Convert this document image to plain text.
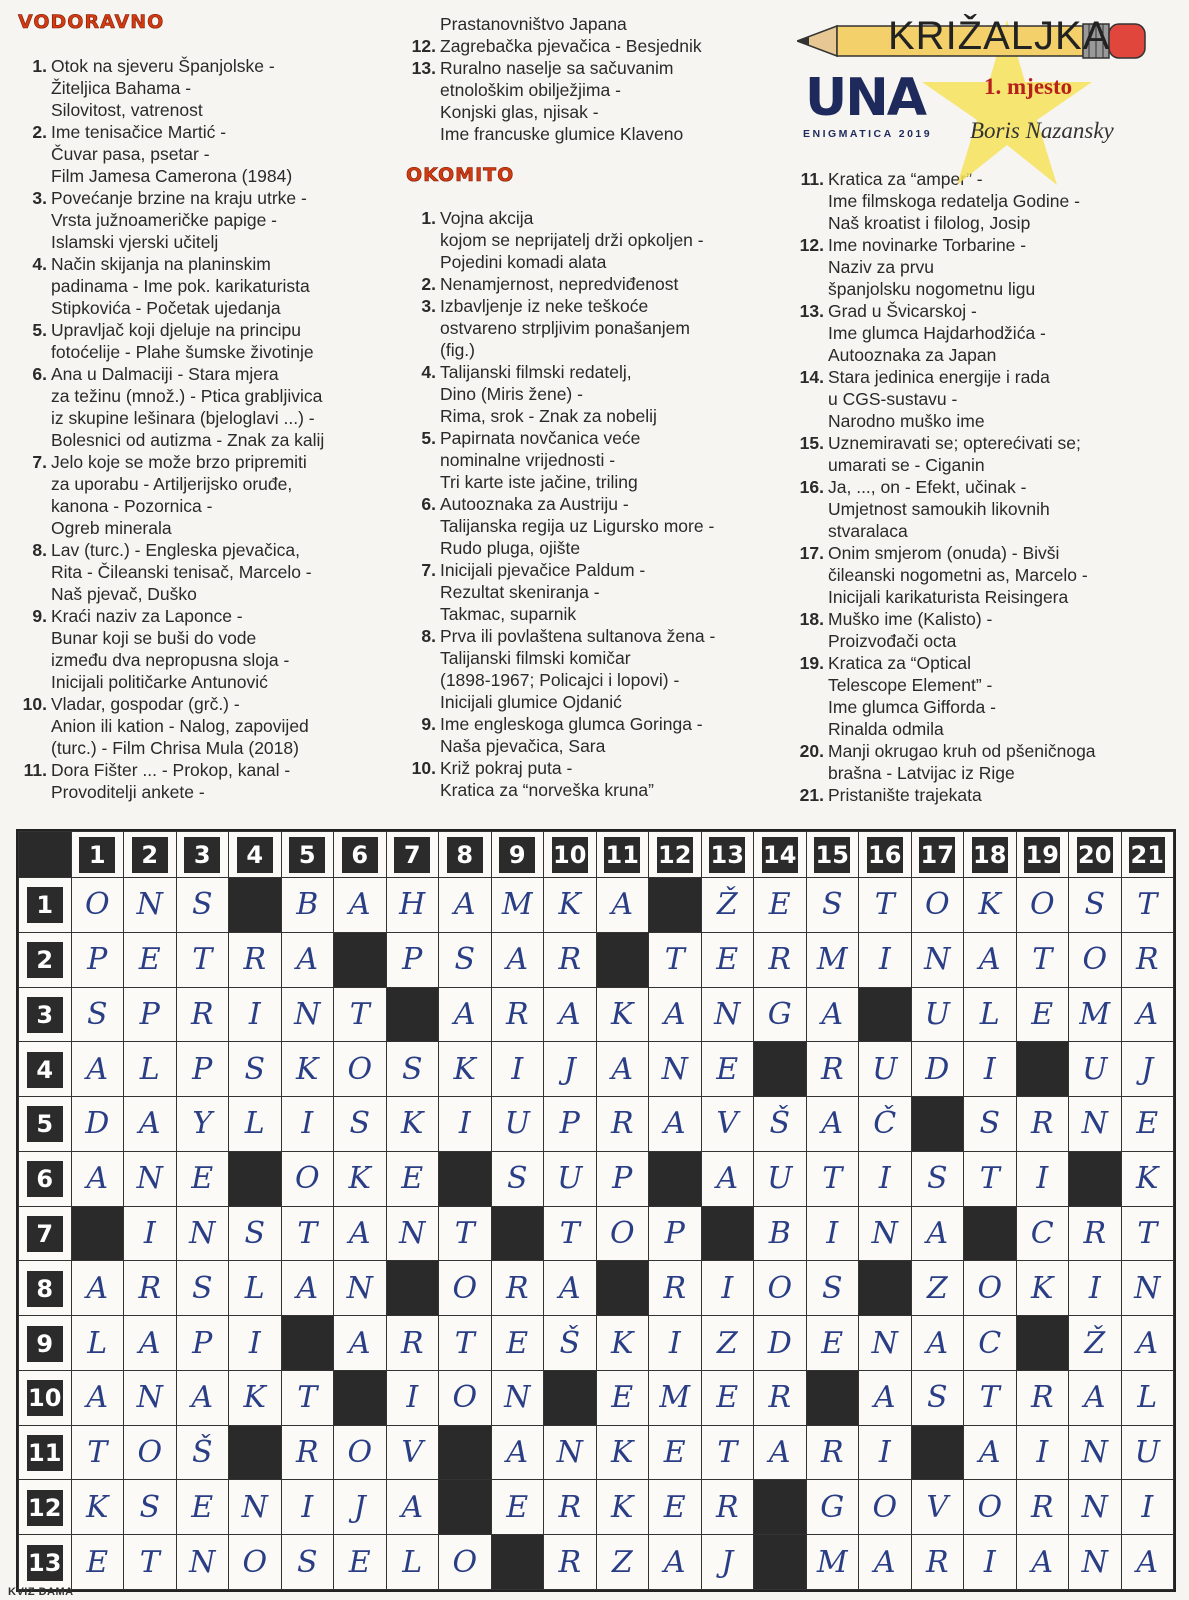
VODORAVNO
1. Otok na sjeveru Španjolske -
Žiteljica Bahama -
Silovitost, vatrenost
2. Ime tenisačice Martić -
Čuvar pasa, psetar -
Film Jamesa Camerona (1984)
3. Povećanje brzine na kraju utrke -
Vrsta južnoameričke papige -
Islamski vjerski učitelj
4. Način skijanja na planinskim
padinama - Ime pok. karikaturista
Stipkovića - Početak ujedanja
5. Upravljač koji djeluje na principu
fotoćelije - Plahe šumske životinje
6. Ana u Dalmaciji - Stara mjera
za težinu (množ.) - Ptica grabljivica
iz skupine lešinara (bjeloglavi ...) -
Bolesnici od autizma - Znak za kalij
7. Jelo koje se može brzo pripremiti
za uporabu - Artiljerijsko oruđe,
kanona - Pozornica -
Ogreb minerala
8. Lav (turc.) - Engleska pjevačica,
Rita - Čileanski tenisač, Marcelo -
Naš pjevač, Duško
9. Kraći naziv za Laponce -
Bunar koji se buši do vode
između dva nepropusna sloja -
Inicijali političarke Antunović
10. Vladar, gospodar (grč.) -
Anion ili kation - Nalog, zapovijed
(turc.) - Film Chrisa Mula (2018)
11. Dora Fišter ... - Prokop, kanal -
Provoditelji ankete -
Prastanovništvo Japana
12. Zagrebačka pjevačica - Besjednik
13. Ruralno naselje sa sačuvanim
etnološkim obilježjima -
Konjski glas, njisak -
Ime francuske glumice Klaveno
OKOMITO
1. Vojna akcija
kojom se neprijatelj drži opkoljen -
Pojedini komadi alata
2. Nenamjernost, nepredviđenost
3. Izbavljenje iz neke teškoće
ostvareno strpljivim ponašanjem
(fig.)
4. Talijanski filmski redatelj,
Dino (Miris žene) -
Rima, srok - Znak za nobelij
5. Papirnata novčanica veće
nominalne vrijednosti -
Tri karte iste jačine, triling
6. Autooznaka za Austriju -
Talijanska regija uz Ligursko more -
Rudo pluga, ojište
7. Inicijali pjevačice Paldum -
Rezultat skeniranja -
Takmac, suparnik
8. Prva ili povlaštena sultanova žena -
Talijanski filmski komičar
(1898-1967; Policajci i lopovi) -
Inicijali glumice Ojdanić
9. Ime engleskoga glumca Goringa -
Naša pjevačica, Sara
10. Križ pokraj puta -
Kratica za “norveška kruna”
11. Kratica za “amper” -
Ime filmskoga redatelja Godine -
Naš kroatist i filolog, Josip
12. Ime novinarke Torbarine -
Naziv za prvu
španjolsku nogometnu ligu
13. Grad u Švicarskoj -
Ime glumca Hajdarhodžića -
Autooznaka za Japan
14. Stara jedinica energije i rada
u CGS-sustavu -
Narodno muško ime
15. Uznemiravati se; opterećivati se;
umarati se - Ciganin
16. Ja, ..., on - Efekt, učinak -
Umjetnost samoukih likovnih
stvaralaca
17. Onim smjerom (onuda) - Bivši
čileanski nogometni as, Marcelo -
Inicijali karikaturista Reisingera
18. Muško ime (Kalisto) -
Proizvođači octa
19. Kratica za “Optical
Telescope Element” -
Ime glumca Gifforda -
Rinalda odmila
20. Manji okrugao kruh od pšeničnoga
brašna - Latvijac iz Rige
21. Pristanište trajekata
KRIŽALJKA
UNA
ENIGMATICA 2019
1. mjesto
Boris Nazansky
	1	2	3	4	5	6	7	8	9	10	11	12	13	14	15	16	17	18	19	20	21
1	O	N	S		B	A	H	A	M	K	A		Ž	E	S	T	O	K	O	S	T
2	P	E	T	R	A		P	S	A	R		T	E	R	M	I	N	A	T	O	R
3	S	P	R	I	N	T		A	R	A	K	A	N	G	A		U	L	E	M	A
4	A	L	P	S	K	O	S	K	I	J	A	N	E		R	U	D	I		U	J
5	D	A	Y	L	I	S	K	I	U	P	R	A	V	Š	A	Č		S	R	N	E
6	A	N	E		O	K	E		S	U	P		A	U	T	I	S	T	I		K
7		I	N	S	T	A	N	T		T	O	P		B	I	N	A		C	R	T
8	A	R	S	L	A	N		O	R	A		R	I	O	S		Z	O	K	I	N
9	L	A	P	I		A	R	T	E	Š	K	I	Z	D	E	N	A	C		Ž	A
10	A	N	A	K	T		I	O	N		E	M	E	R		A	S	T	R	A	L
11	T	O	Š		R	O	V		A	N	K	E	T	A	R	I		A	I	N	U
12	K	S	E	N	I	J	A		E	R	K	E	R		G	O	V	O	R	N	I
13	E	T	N	O	S	E	L	O		R	Z	A	J		M	A	R	I	A	N	A
KVIZ DAMA
